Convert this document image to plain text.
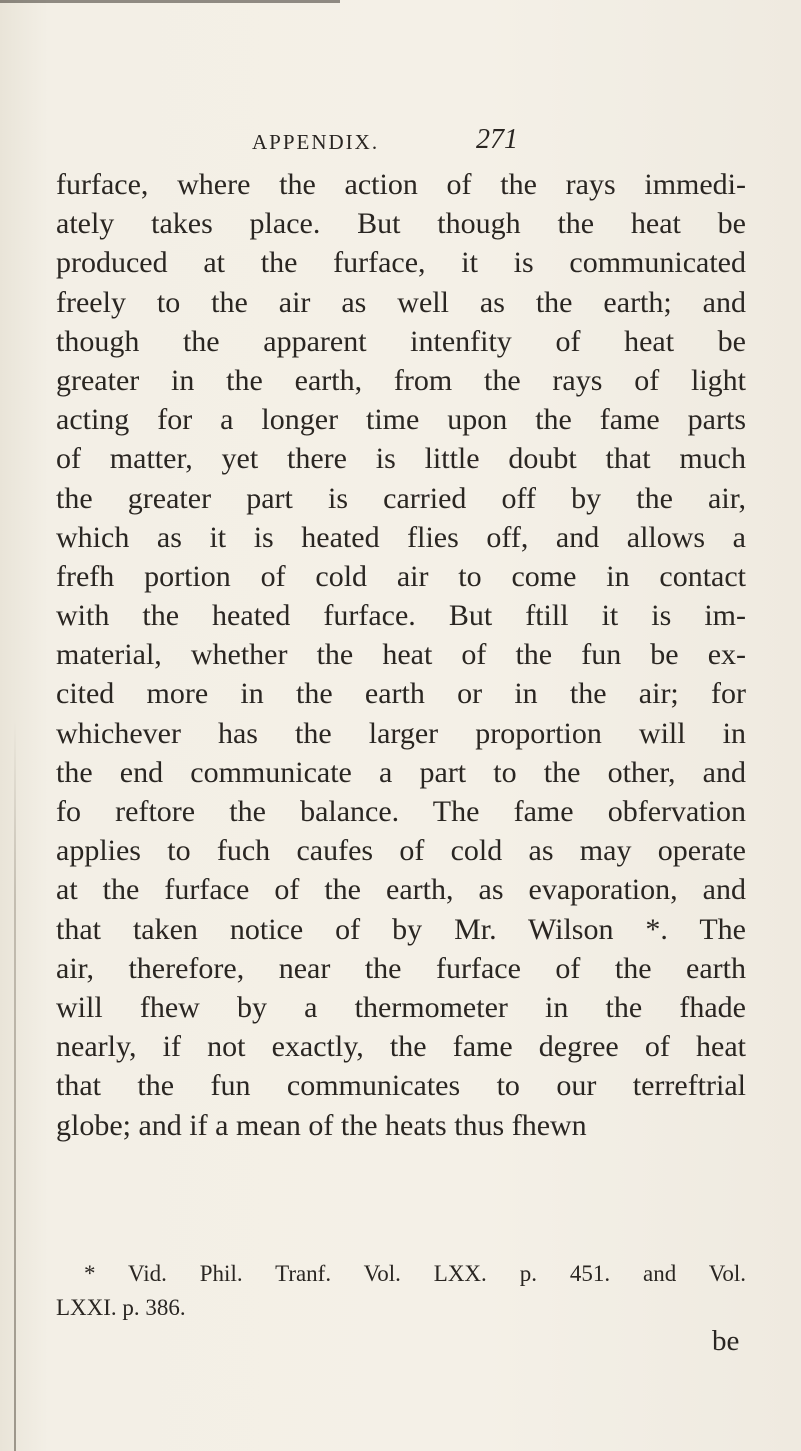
APPENDIX.	271
furface, where the action of the rays immedi-
ately takes place. But though the heat be
produced at the furface, it is communicated
freely to the air as well as the earth; and
though the apparent intenfity of heat be
greater in the earth, from the rays of light
acting for a longer time upon the fame parts
of matter, yet there is little doubt that much
the greater part is carried off by the air,
which as it is heated flies off, and allows a
frefh portion of cold air to come in contact
with the heated furface. But ftill it is im-
material, whether the heat of the fun be ex-
cited more in the earth or in the air; for
whichever has the larger proportion will in
the end communicate a part to the other, and
fo reftore the balance. The fame obfervation
applies to fuch caufes of cold as may operate
at the furface of the earth, as evaporation, and
that taken notice of by Mr. Wilson *. The
air, therefore, near the furface of the earth
will fhew by a thermometer in the fhade
nearly, if not exactly, the fame degree of heat
that the fun communicates to our terreftrial
globe; and if a mean of the heats thus fhewn
* Vid. Phil. Tranf. Vol. LXX. p. 451. and Vol.
LXXI. p. 386.
be
